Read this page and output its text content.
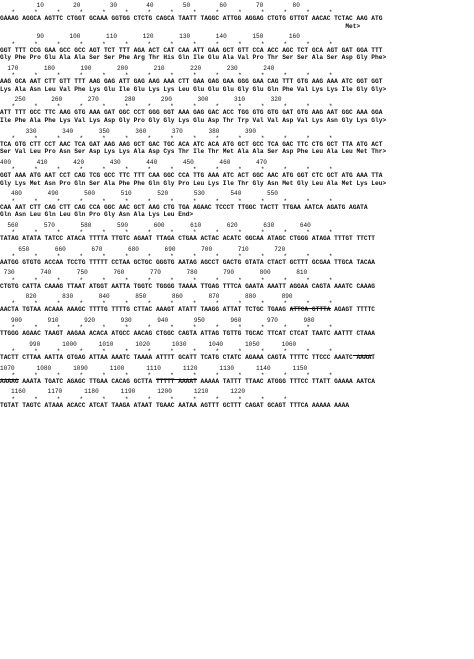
10        20        30        40        50        60        70        80
*     *     *     *     *     *     *     *     *     *     *     *     *     *     *
GAAAG AGGCA AGTTC CTGGT GCAAA GGTGG CTCTG CAGCA TAATT TAGGC ATTGG AGGAG CTGTG GTTGT AACAC TCTAC AAG ATG
Met>
90       100       110       120       130       140       150       160
*     *     *     *     *     *     *     *     *     *     *     *     *     *     *
GGT TTT CCG GAA GCC GCC AGT TCT TTT AGA ACT CAT CAA ATT GAA GCT GTT CCA ACC AGC TCT GCA AGT GAT GGA TTT
Gly Phe Pro Glu Ala Ala Ser Ser Phe Arg Thr His Gln Ile Glu Ala Val Pro Thr Ser Ser Ala Ser Asp Gly Phe>
170       180       190       200       210       220       230       240
*     *     *     *     *     *     *     *     *     *     *     *     *     *     *
AAG GCA AAT CTT GTT TTT AAG GAG ATT GAG AAG AAA CTT GAA GAG GAA GGG GAA CAG TTT GTG AAG AAA ATC GGT GGT
Lys Ala Asn Leu Val Phe Lys Glu Ile Glu Lys Lys Leu Glu Glu Glu Gly Glu Gln Phe Val Lys Lys Ile Gly Gly>
250       260       270       280       290       300       310       320
*     *     *     *     *     *     *     *     *     *     *     *     *     *     *
ATT TTT GCC TTC AAG GTG AAA GAT GGC CCT GGG GGT AAA GAG GAC ACC TGG GTG GTG GAT GTG AAG AAT GGC AAA GGA
Ile Phe Ala Phe Lys Val Lys Asp Gly Pro Gly Gly Lys Glu Asp Thr Trp Val Val Asp Val Lys Asn Gly Lys Gly>
330       340       350       360       370       380       390
*     *     *     *     *     *     *     *     *     *     *     *     *     *     *
TCA GTG CTT CCT AAC TCA GAT AAG AAG GCT GAC TGC ACA ATC ACA ATG GCT GCC TCA GAC TTC CTG GCT TTA ATG ACT
Ser Val Leu Pro Asn Ser Asp Lys Lys Ala Asp Cys Thr Ile Thr Met Ala Ala Ser Asp Phe Leu Ala Leu Met Thr>
400       410       420       430       440       450       460       470
*     *     *     *     *     *     *     *     *     *     *     *     *     *     *
GGT AAA ATG AAT CCT CAG TCG GCC TTC TTT CAA GGC CCA TTG AAA ATC ACT GGC AAC ATG GGT CTC GCT ATG AAA TTA
Gly Lys Met Asn Pro Gln Ser Ala Phe Phe Gln Gly Pro Leu Lys Ile Thr Gly Asn Met Gly Leu Ala Met Lys Leu>
480       490       500       510       520       530       540       550
*     *     *     *     *     *     *     *     *     *     *     *     *     *     *
CAA AAT CTT CAG CTT CAG CCA GGC AAC GCT AAG CTG TGA AGAAC TCCCT TTGGC TACTT TTGAA AATCA AGATG AGATA
Gln Asn Leu Gln Leu Gln Pro Gly Asn Ala Lys Leu End>
560       570       580       590       600       610       620       630       640
*     *     *     *     *     *     *     *     *     *     *     *     *     *     *
TATAG ATATA TATCC ATACA TTTTA TTGTC AGAAT TTAGA CTGAA ACTAC ACATC GGCAA ATAGC CTGGG ATAGA TTTGT TTCTT
650       660       670       680       690       700       710       720
*     *     *     *     *     *     *     *     *     *     *     *     *     *     *
AATGG GTGTG ACCAA TCCTG TTTTT CCTAA GCTGC GGGTG AATAG AGCCT GACTG GTATA CTACT GCTTT GCGAA TTGCA TACAA
730       740       750       760       770       780       790       800       810
*     *     *     *     *     *     *     *     *     *     *     *     *     *     *
CTGTG CATTA CAAAG TTAAT ATGGT AATTA TGGTC TGGGG TAAAA TTGAG TTTCA GAATA AAATT AGGAA CAGTA AAATC CAAAG
820       830       840       850       860       870       880       890
*     *     *     *     *     *     *     *     *     *     *     *     *     *     *
AACTA TGTAA ACAAA AAAGC TTTTG TTTTG CTTAC AAAGT ATATT TAAGG ATTAT TCTGC TGAAG ATTCA GTTTA AGAGT TTTTC
900       910       920       930       940       950       960       970       980
*     *     *     *     *     *     *     *     *     *     *     *     *     *     *
TTGGG AGAAC TAAGT AAGAA ACACA ATGCC AACAG CTGGC CAGTA ATTAG TGTTG TGCAC TTCAT CTCAT TAATC AATTT CTAAA
990      1000      1010      1020      1030      1040      1050      1060
*     *     *     *     *     *     *     *     *     *     *     *     *     *     *
TACTT CTTAA AATTA GTGAG ATTAA AAATC TAAAA ATTTT GCATT TCATG CTATC AGAAA CAGTA TTTTC TTCCC AAATC AAAAT
1070      1080      1090      1100      1110      1120      1130      1140      1150
*     *     *     *     *     *     *     *     *     *     *     *     *     *     *
AAAAG AAATA TGATC AGAGC TTGAA CACAG GCTTA TTTTT AAAAT AAAAA TATTT TTAAC ATGGG TTTCC TTATT GAAAA AATCA
1160      1170      1180      1190      1200      1210      1220
*     *     *     *     *     *     *     *     *     *     *     *     *
TGTAT TAGTC ATAAA ACACC ATCAT TAAGA ATAAT TGAAC AATAA AGTTT GCTTT CAGAT GCAGT TTTCA AAAAA AAAA
